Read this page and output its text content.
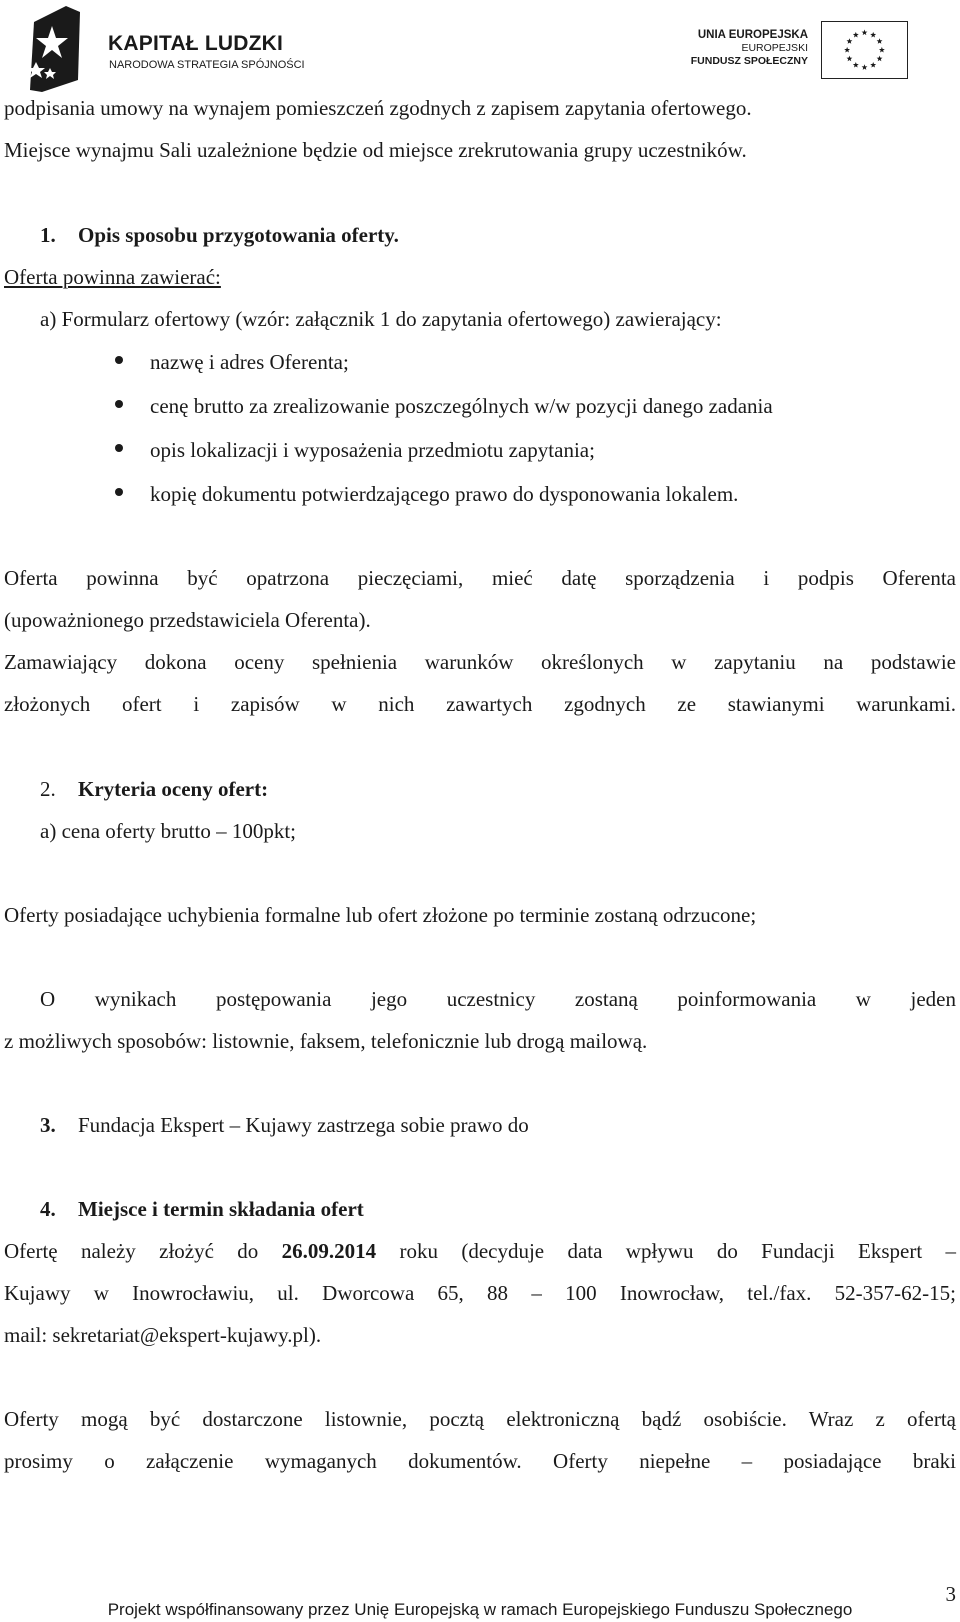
KAPITAŁ LUDZKI
NARODOWA STRATEGIA SPÓJNOŚCI
UNIA EUROPEJSKA
EUROPEJSKI
FUNDUSZ SPOŁECZNY
podpisania umowy na wynajem pomieszczeń zgodnych z zapisem zapytania ofertowego.
Miejsce wynajmu Sali uzależnione będzie od miejsce zrekrutowania grupy uczestników.
1. Opis sposobu przygotowania oferty.
Oferta powinna zawierać:
a) Formularz ofertowy (wzór: załącznik 1 do zapytania ofertowego) zawierający:
nazwę i adres Oferenta;
cenę brutto za zrealizowanie poszczególnych w/w pozycji danego zadania
opis lokalizacji i wyposażenia przedmiotu zapytania;
kopię dokumentu potwierdzającego prawo do dysponowania lokalem.
Oferta powinna być opatrzona pieczęciami, mieć datę sporządzenia i podpis Oferenta
(upoważnionego przedstawiciela Oferenta).
Zamawiający dokona oceny spełnienia warunków określonych w zapytaniu na podstawie
złożonych ofert i zapisów w nich zawartych zgodnych ze stawianymi warunkami.
2. Kryteria oceny ofert:
a) cena oferty brutto – 100pkt;
Oferty posiadające uchybienia formalne lub ofert złożone po terminie zostaną odrzucone;
O wynikach postępowania jego uczestnicy zostaną poinformowania w jeden
z możliwych sposobów: listownie, faksem, telefonicznie lub drogą mailową.
3. Fundacja Ekspert – Kujawy zastrzega sobie prawo do
4. Miejsce i termin składania ofert
Ofertę należy złożyć do 26.09.2014 roku (decyduje data wpływu do Fundacji Ekspert –
Kujawy w Inowrocławiu, ul. Dworcowa 65, 88 – 100 Inowrocław, tel./fax. 52-357-62-15;
mail: sekretariat@ekspert-kujawy.pl).
Oferty mogą być dostarczone listownie, pocztą elektroniczną bądź osobiście. Wraz z ofertą
prosimy o załączenie wymaganych dokumentów. Oferty niepełne – posiadające braki
3
Projekt współfinansowany przez Unię Europejską w ramach Europejskiego Funduszu Społecznego
